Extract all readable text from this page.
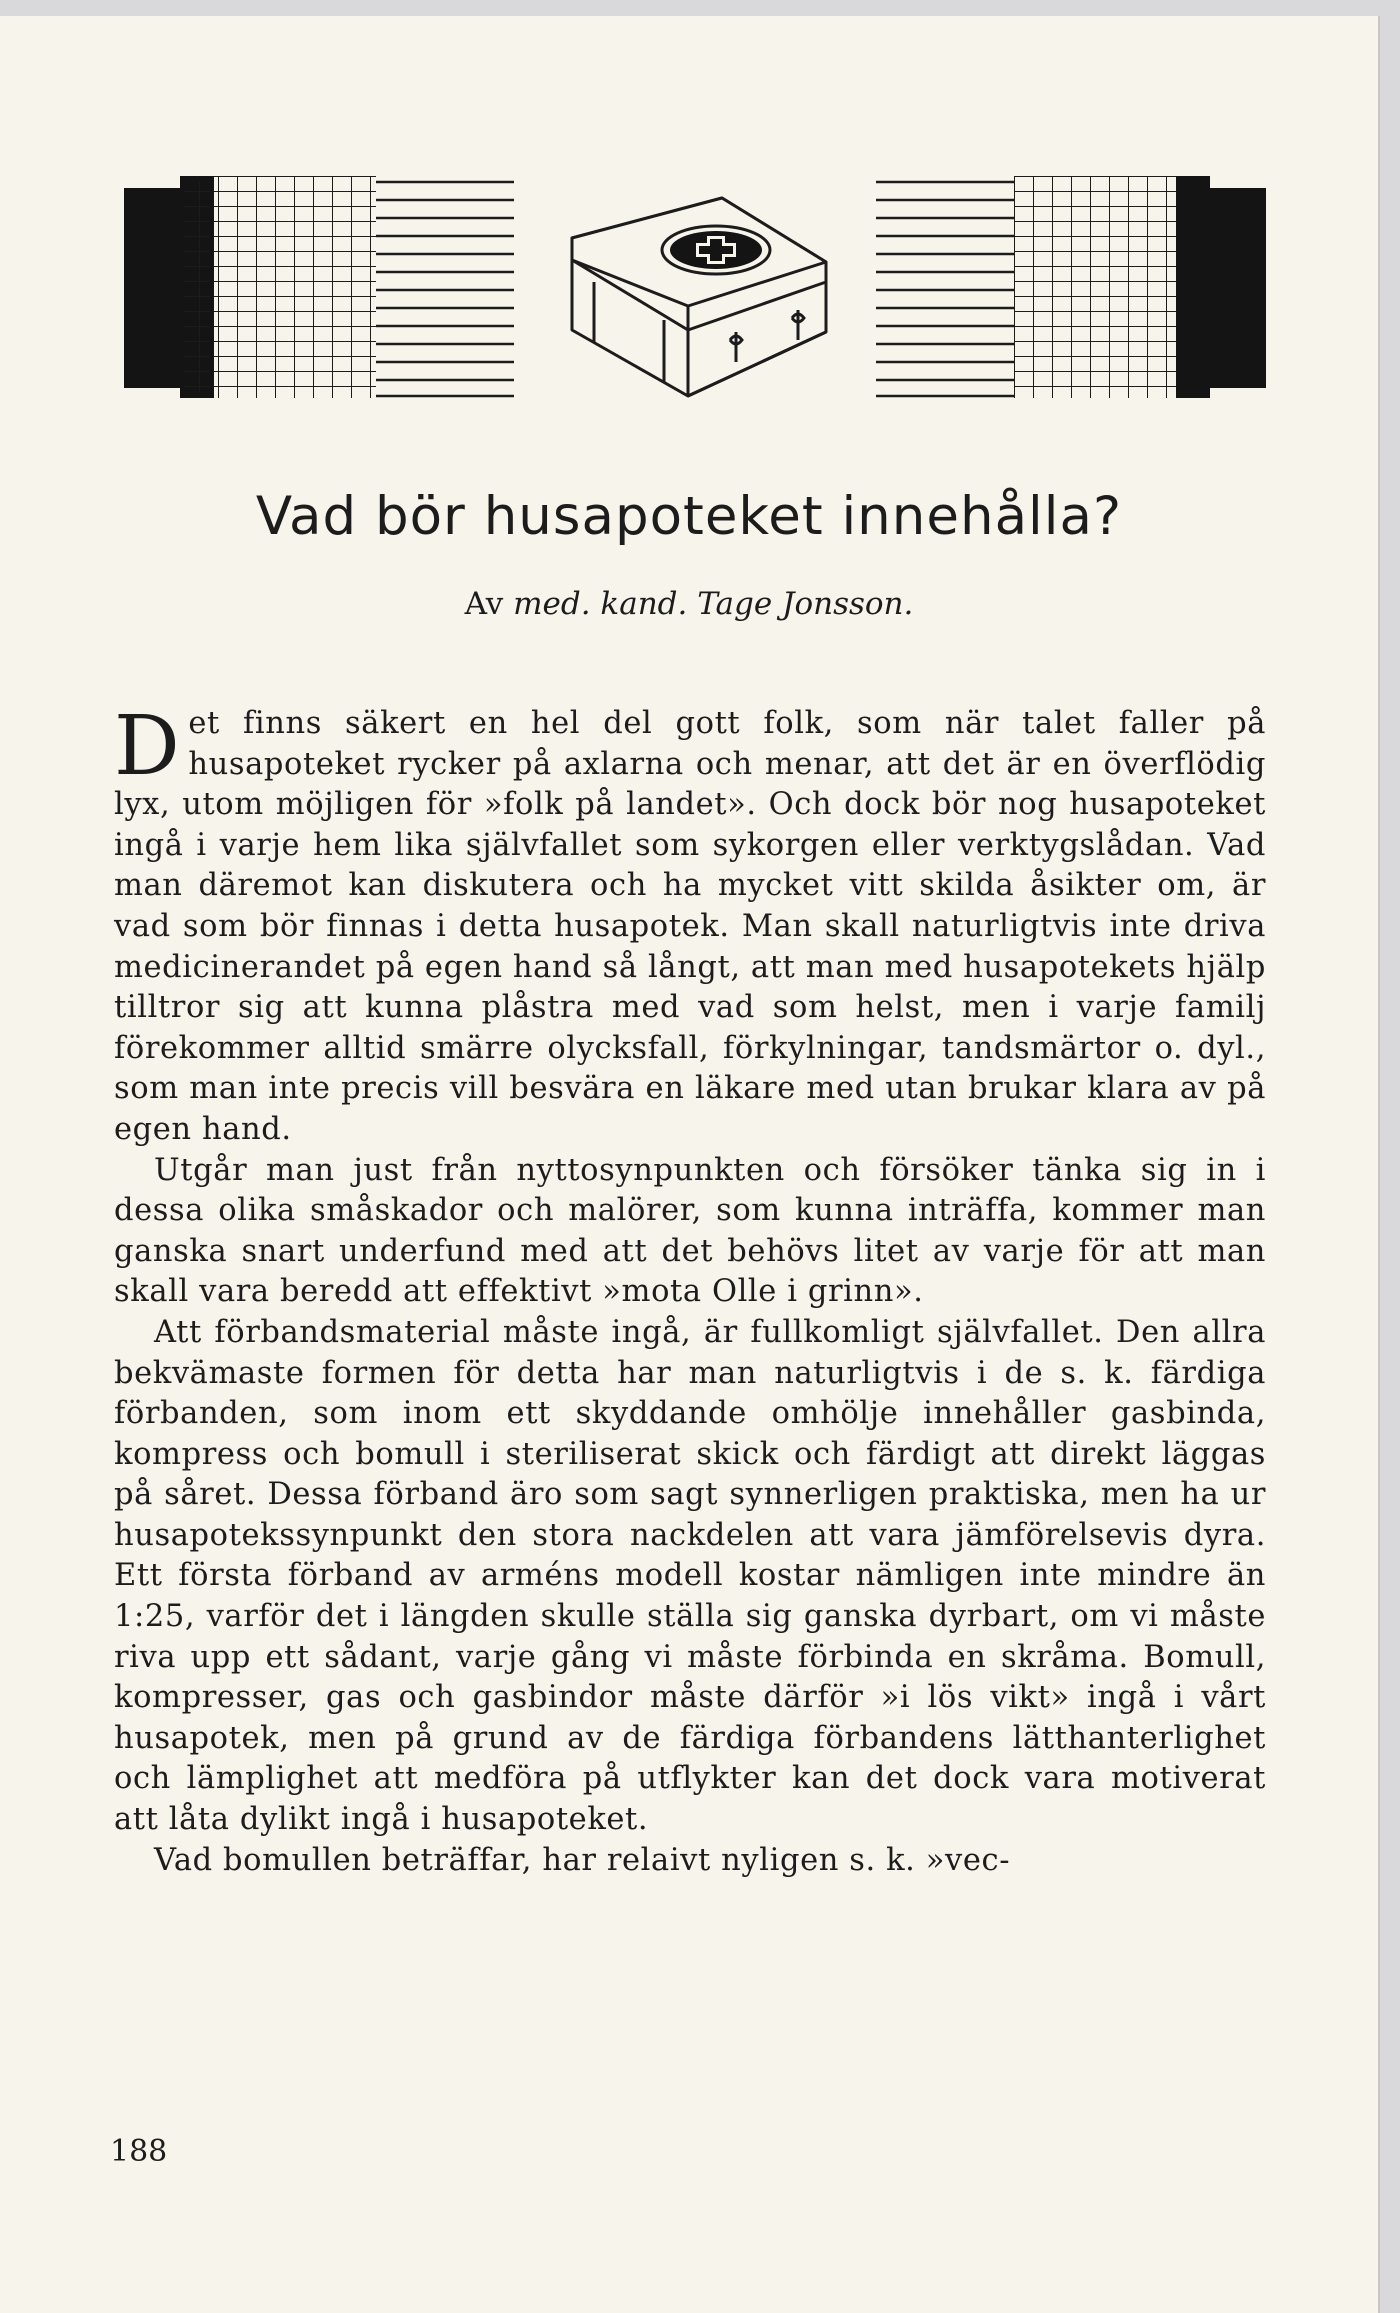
Vad bör husapoteket innehålla?
Av med. kand. Tage Jonsson.

Det finns säkert en hel del gott folk, som när talet faller på husapoteket rycker på axlarna och menar, att det är en överflödig lyx, utom möjligen för »folk på landet». Och dock bör nog husapoteket ingå i varje hem lika självfallet som sykorgen eller verktygslådan. Vad man däremot kan diskutera och ha mycket vitt skilda åsikter om, är vad som bör finnas i detta husapotek. Man skall naturligtvis inte driva medicinerandet på egen hand så långt, att man med husapotekets hjälp tilltror sig att kunna plåstra med vad som helst, men i varje familj förekommer alltid smärre olycksfall, förkylningar, tandsmärtor o. dyl., som man inte precis vill besvära en läkare med utan brukar klara av på egen hand.

Utgår man just från nyttosynpunkten och försöker tänka sig in i dessa olika småskador och malörer, som kunna inträffa, kommer man ganska snart underfund med att det behövs litet av varje för att man skall vara beredd att effektivt »mota Olle i grinn».

Att förbandsmaterial måste ingå, är fullkomligt självfallet. Den allra bekvämaste formen för detta har man naturligtvis i de s. k. färdiga förbanden, som inom ett skyddande omhölje innehåller gasbinda, kompress och bomull i steriliserat skick och färdigt att direkt läggas på såret. Dessa förband äro som sagt synnerligen praktiska, men ha ur husapotekssynpunkt den stora nackdelen att vara jämförelsevis dyra. Ett första förband av arméns modell kostar nämligen inte mindre än 1:25, varför det i längden skulle ställa sig ganska dyrbart, om vi måste riva upp ett sådant, varje gång vi måste förbinda en skråma. Bomull, kompresser, gas och gasbindor måste därför »i lös vikt» ingå i vårt husapotek, men på grund av de färdiga förbandens lätthanterlighet och lämplighet att medföra på utflykter kan det dock vara motiverat att låta dylikt ingå i husapoteket.

Vad bomullen beträffar, har relaivt nyligen s. k. »vec-

188
